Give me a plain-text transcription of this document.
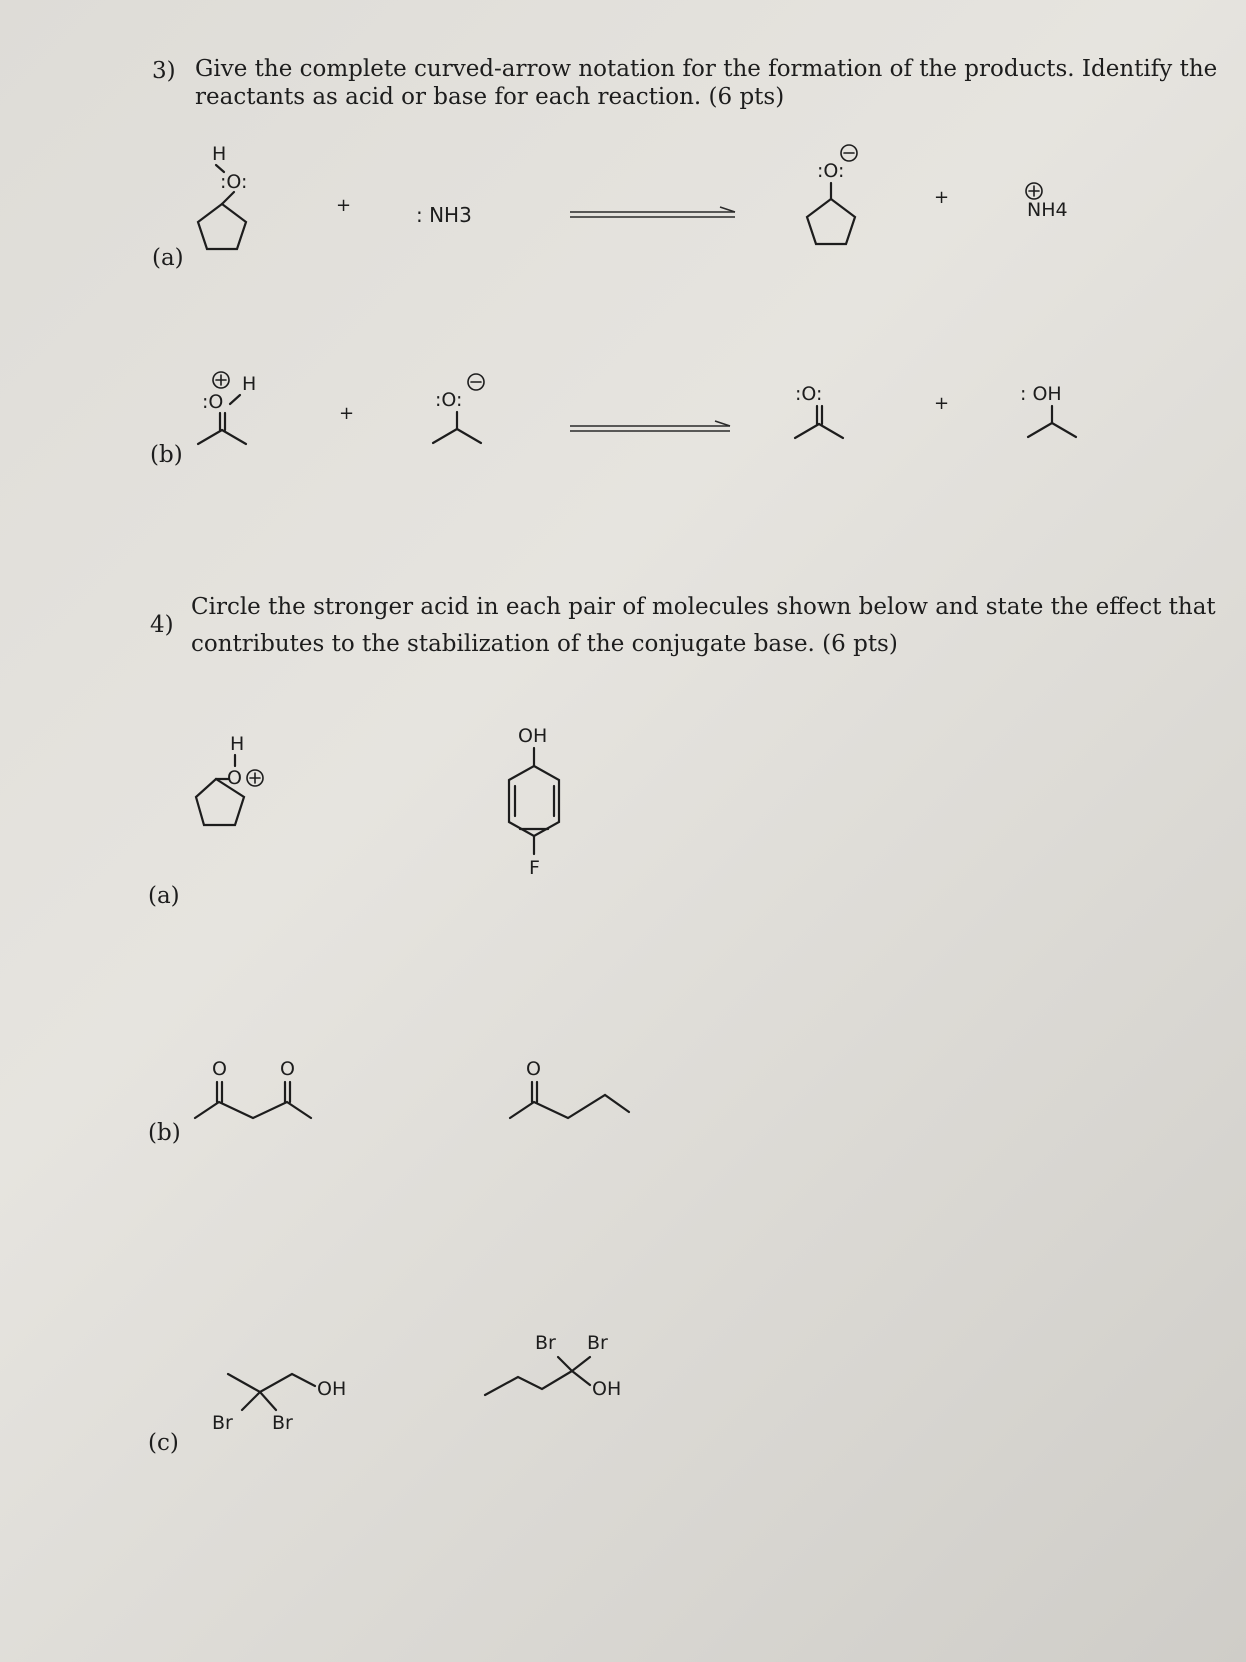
3) Give the complete curved-arrow notation for the formation of the products. Identify the
reactants as acid or base for each reaction. (6 pts)
(a)
H
:O:
+	: NH3
:O:
+
NH4
(b)
H
:O
+
:O:	:O:	+	: OH
4)
Circle the stronger acid in each pair of molecules shown below and state the effect that
contributes to the stabilization of the conjugate base. (6 pts)
(a)
H
O
OH
F
(b)
O	O	O
(c)
OH
Br Br
Br Br
OH
